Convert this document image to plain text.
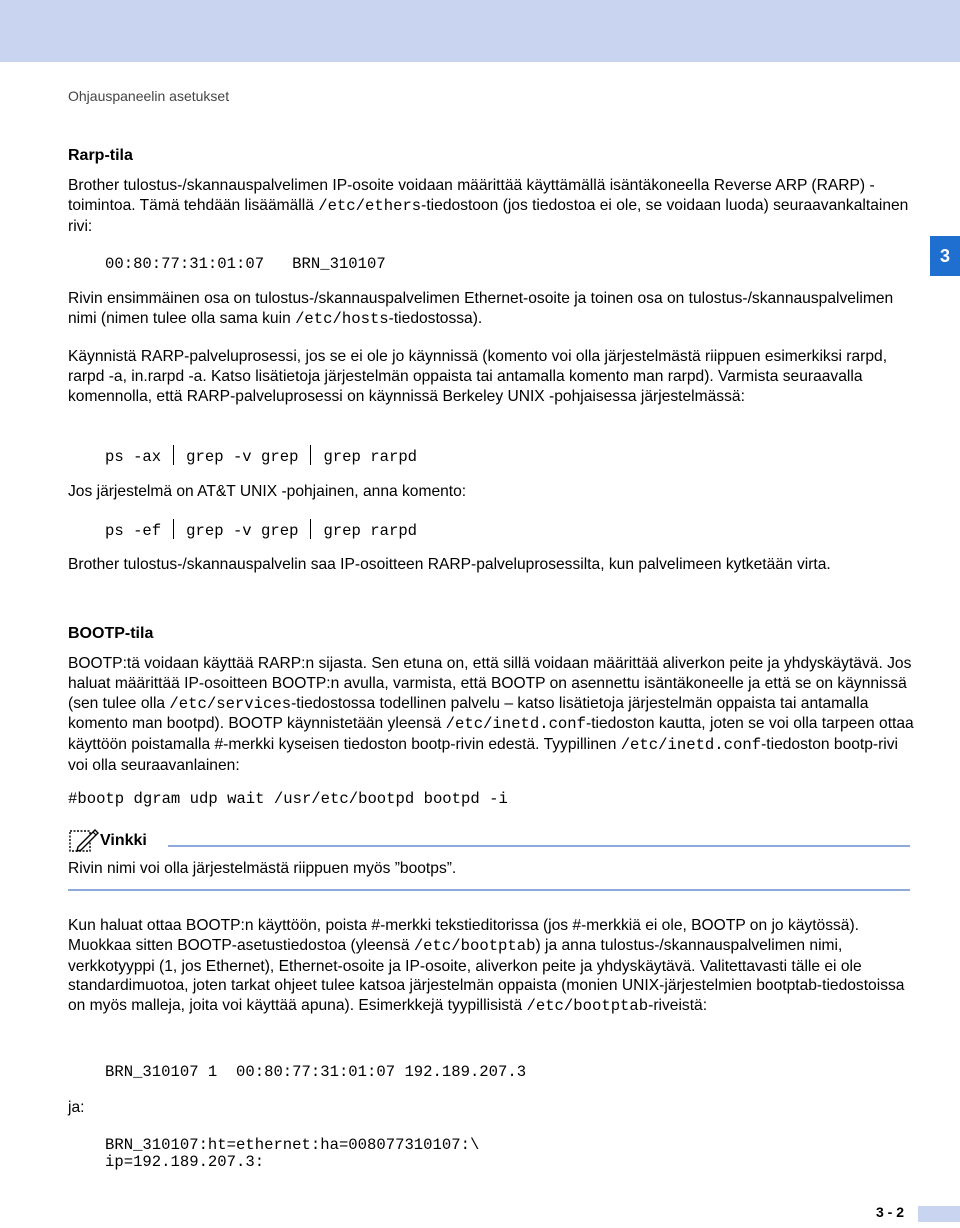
Ohjauspaneelin asetukset
3
Rarp-tila
Brother tulostus-/skannauspalvelimen IP-osoite voidaan määrittää käyttämällä isäntäkoneella Reverse ARP (RARP) -toimintoa. Tämä tehdään lisäämällä /etc/ethers-tiedostoon (jos tiedostoa ei ole, se voidaan luoda) seuraavankaltainen rivi:
00:80:77:31:01:07   BRN_310107
Rivin ensimmäinen osa on tulostus-/skannauspalvelimen Ethernet-osoite ja toinen osa on tulostus-/skannauspalvelimen nimi (nimen tulee olla sama kuin /etc/hosts-tiedostossa).
Käynnistä RARP-palveluprosessi, jos se ei ole jo käynnissä (komento voi olla järjestelmästä riippuen esimerkiksi rarpd, rarpd -a, in.rarpd -a. Katso lisätietoja järjestelmän oppaista tai antamalla komento man rarpd). Varmista seuraavalla komennolla, että RARP-palveluprosessi on käynnissä Berkeley UNIX -pohjaisessa järjestelmässä:
ps -ax grep -v grep grep rarpd
Jos järjestelmä on AT&T UNIX -pohjainen, anna komento:
ps -ef grep -v grep grep rarpd
Brother tulostus-/skannauspalvelin saa IP-osoitteen RARP-palveluprosessilta, kun palvelimeen kytketään virta.
BOOTP-tila
BOOTP:tä voidaan käyttää RARP:n sijasta. Sen etuna on, että sillä voidaan määrittää aliverkon peite ja yhdyskäytävä. Jos haluat määrittää IP-osoitteen BOOTP:n avulla, varmista, että BOOTP on asennettu isäntäkoneelle ja että se on käynnissä (sen tulee olla /etc/services-tiedostossa todellinen palvelu – katso lisätietoja järjestelmän oppaista tai antamalla komento man bootpd). BOOTP käynnistetään yleensä /etc/inetd.conf-tiedoston kautta, joten se voi olla tarpeen ottaa käyttöön poistamalla #-merkki kyseisen tiedoston bootp-rivin edestä. Tyypillinen /etc/inetd.conf-tiedoston bootp-rivi voi olla seuraavanlainen:
#bootp dgram udp wait /usr/etc/bootpd bootpd -i
Vinkki
Rivin nimi voi olla järjestelmästä riippuen myös ”bootps”.
Kun haluat ottaa BOOTP:n käyttöön, poista #-merkki tekstieditorissa (jos #-merkkiä ei ole, BOOTP on jo käytössä). Muokkaa sitten BOOTP-asetustiedostoa (yleensä /etc/bootptab) ja anna tulostus-/skannauspalvelimen nimi, verkkotyyppi (1, jos Ethernet), Ethernet-osoite ja IP-osoite, aliverkon peite ja yhdyskäytävä. Valitettavasti tälle ei ole standardimuotoa, joten tarkat ohjeet tulee katsoa järjestelmän oppaista (monien UNIX-järjestelmien bootptab-tiedostoissa on myös malleja, joita voi käyttää apuna). Esimerkkejä tyypillisistä /etc/bootptab-riveistä:
BRN_310107 1  00:80:77:31:01:07 192.189.207.3
ja:
BRN_310107:ht=ethernet:ha=008077310107:\
ip=192.189.207.3:
3 - 2
